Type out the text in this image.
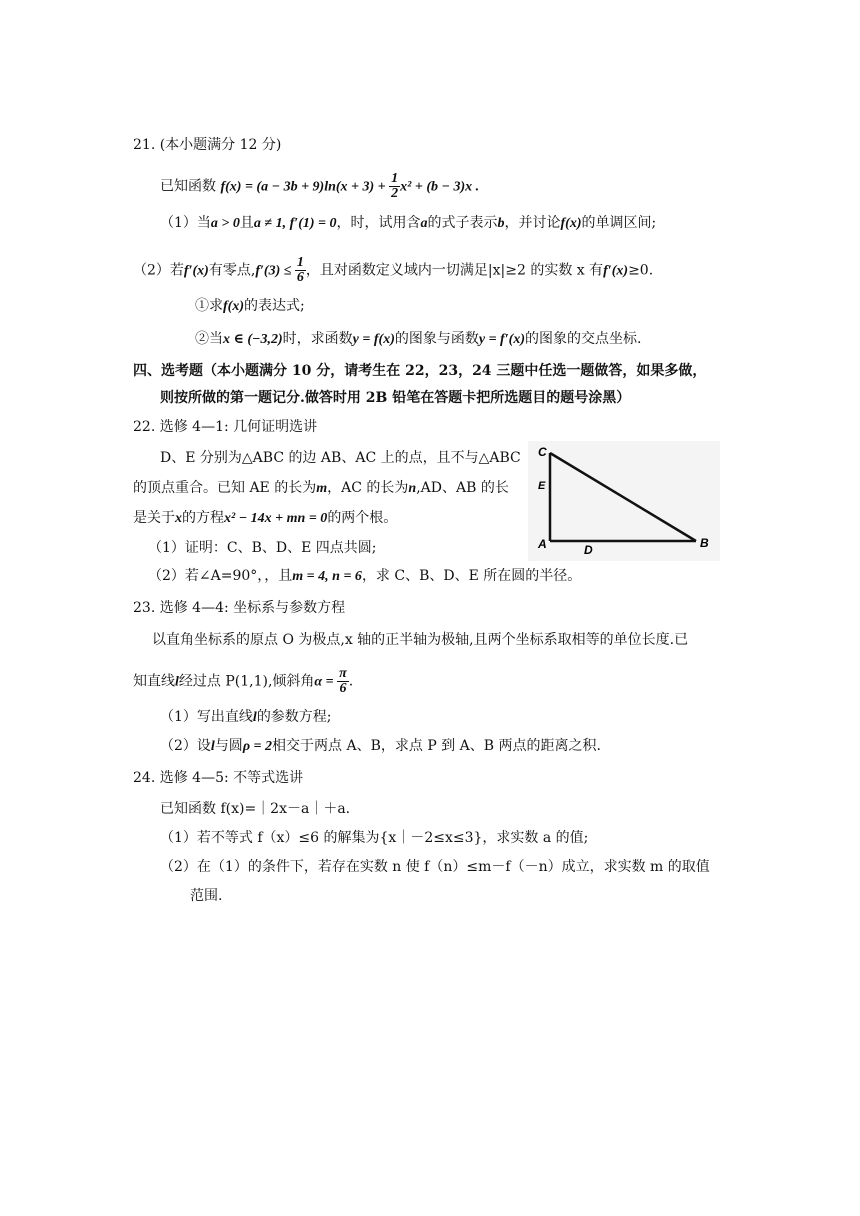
21. (本小题满分 12 分)
已知函数 $f(x) = (a - 3b + 9)\ln(x + 3) + \frac{1}{2} x^2 + (b - 3)x$ .
（1）当a > 0且a ≠ 1, f′(1) = 0，时，试用含a的式子表示b，并讨论f(x)的单调区间;
（2）若f′(x)有零点$,f'(3) \le \frac{1}{6}$ ，且对函数定义域内一切满足|x|≥2 的实数 x 有f′(x)≥0.
①求f(x)的表达式;
②当x ∈ (−3,2)时，求函数y = f(x)的图象与函数y = f′(x)的图象的交点坐标.
四、选考题（本小题满分 10 分，请考生在 22，23，24 三题中任选一题做答，如果多做，
则按所做的第一题记分.做答时用 2B 铅笔在答题卡把所选题目的题号涂黑）
22. 选修 4—1: 几何证明选讲
D、E 分别为△ABC 的边 AB、AC 上的点，且不与△ABC
的顶点重合。已知 AE 的长为m，AC 的长为n,AD、AB 的长
是关于x的方程x² − 14x + mn = 0的两个根。
（1）证明：C、B、D、E 四点共圆;
（2）若∠A=90°，，且m = 4, n = 6，求 C、B、D、E 所在圆的半径。
C
E
A	D	B
23. 选修 4—4: 坐标系与参数方程
以直角坐标系的原点 O 为极点,x 轴的正半轴为极轴,且两个坐标系取相等的单位长度.已
知直线l经过点 P(1,1),倾斜角$\alpha = \frac{\pi}{6}$ .
（1）写出直线l的参数方程;
（2）设l与圆ρ = 2相交于两点 A、B，求点 P 到 A、B 两点的距离之积.
24. 选修 4—5: 不等式选讲
已知函数 f(x)=｜2x－a｜＋a.
（1）若不等式 f（x）≤6 的解集为{x｜－2≤x≤3}，求实数 a 的值;
（2）在（1）的条件下，若存在实数 n 使 f（n）≤m－f（－n）成立，求实数 m 的取值
范围.
